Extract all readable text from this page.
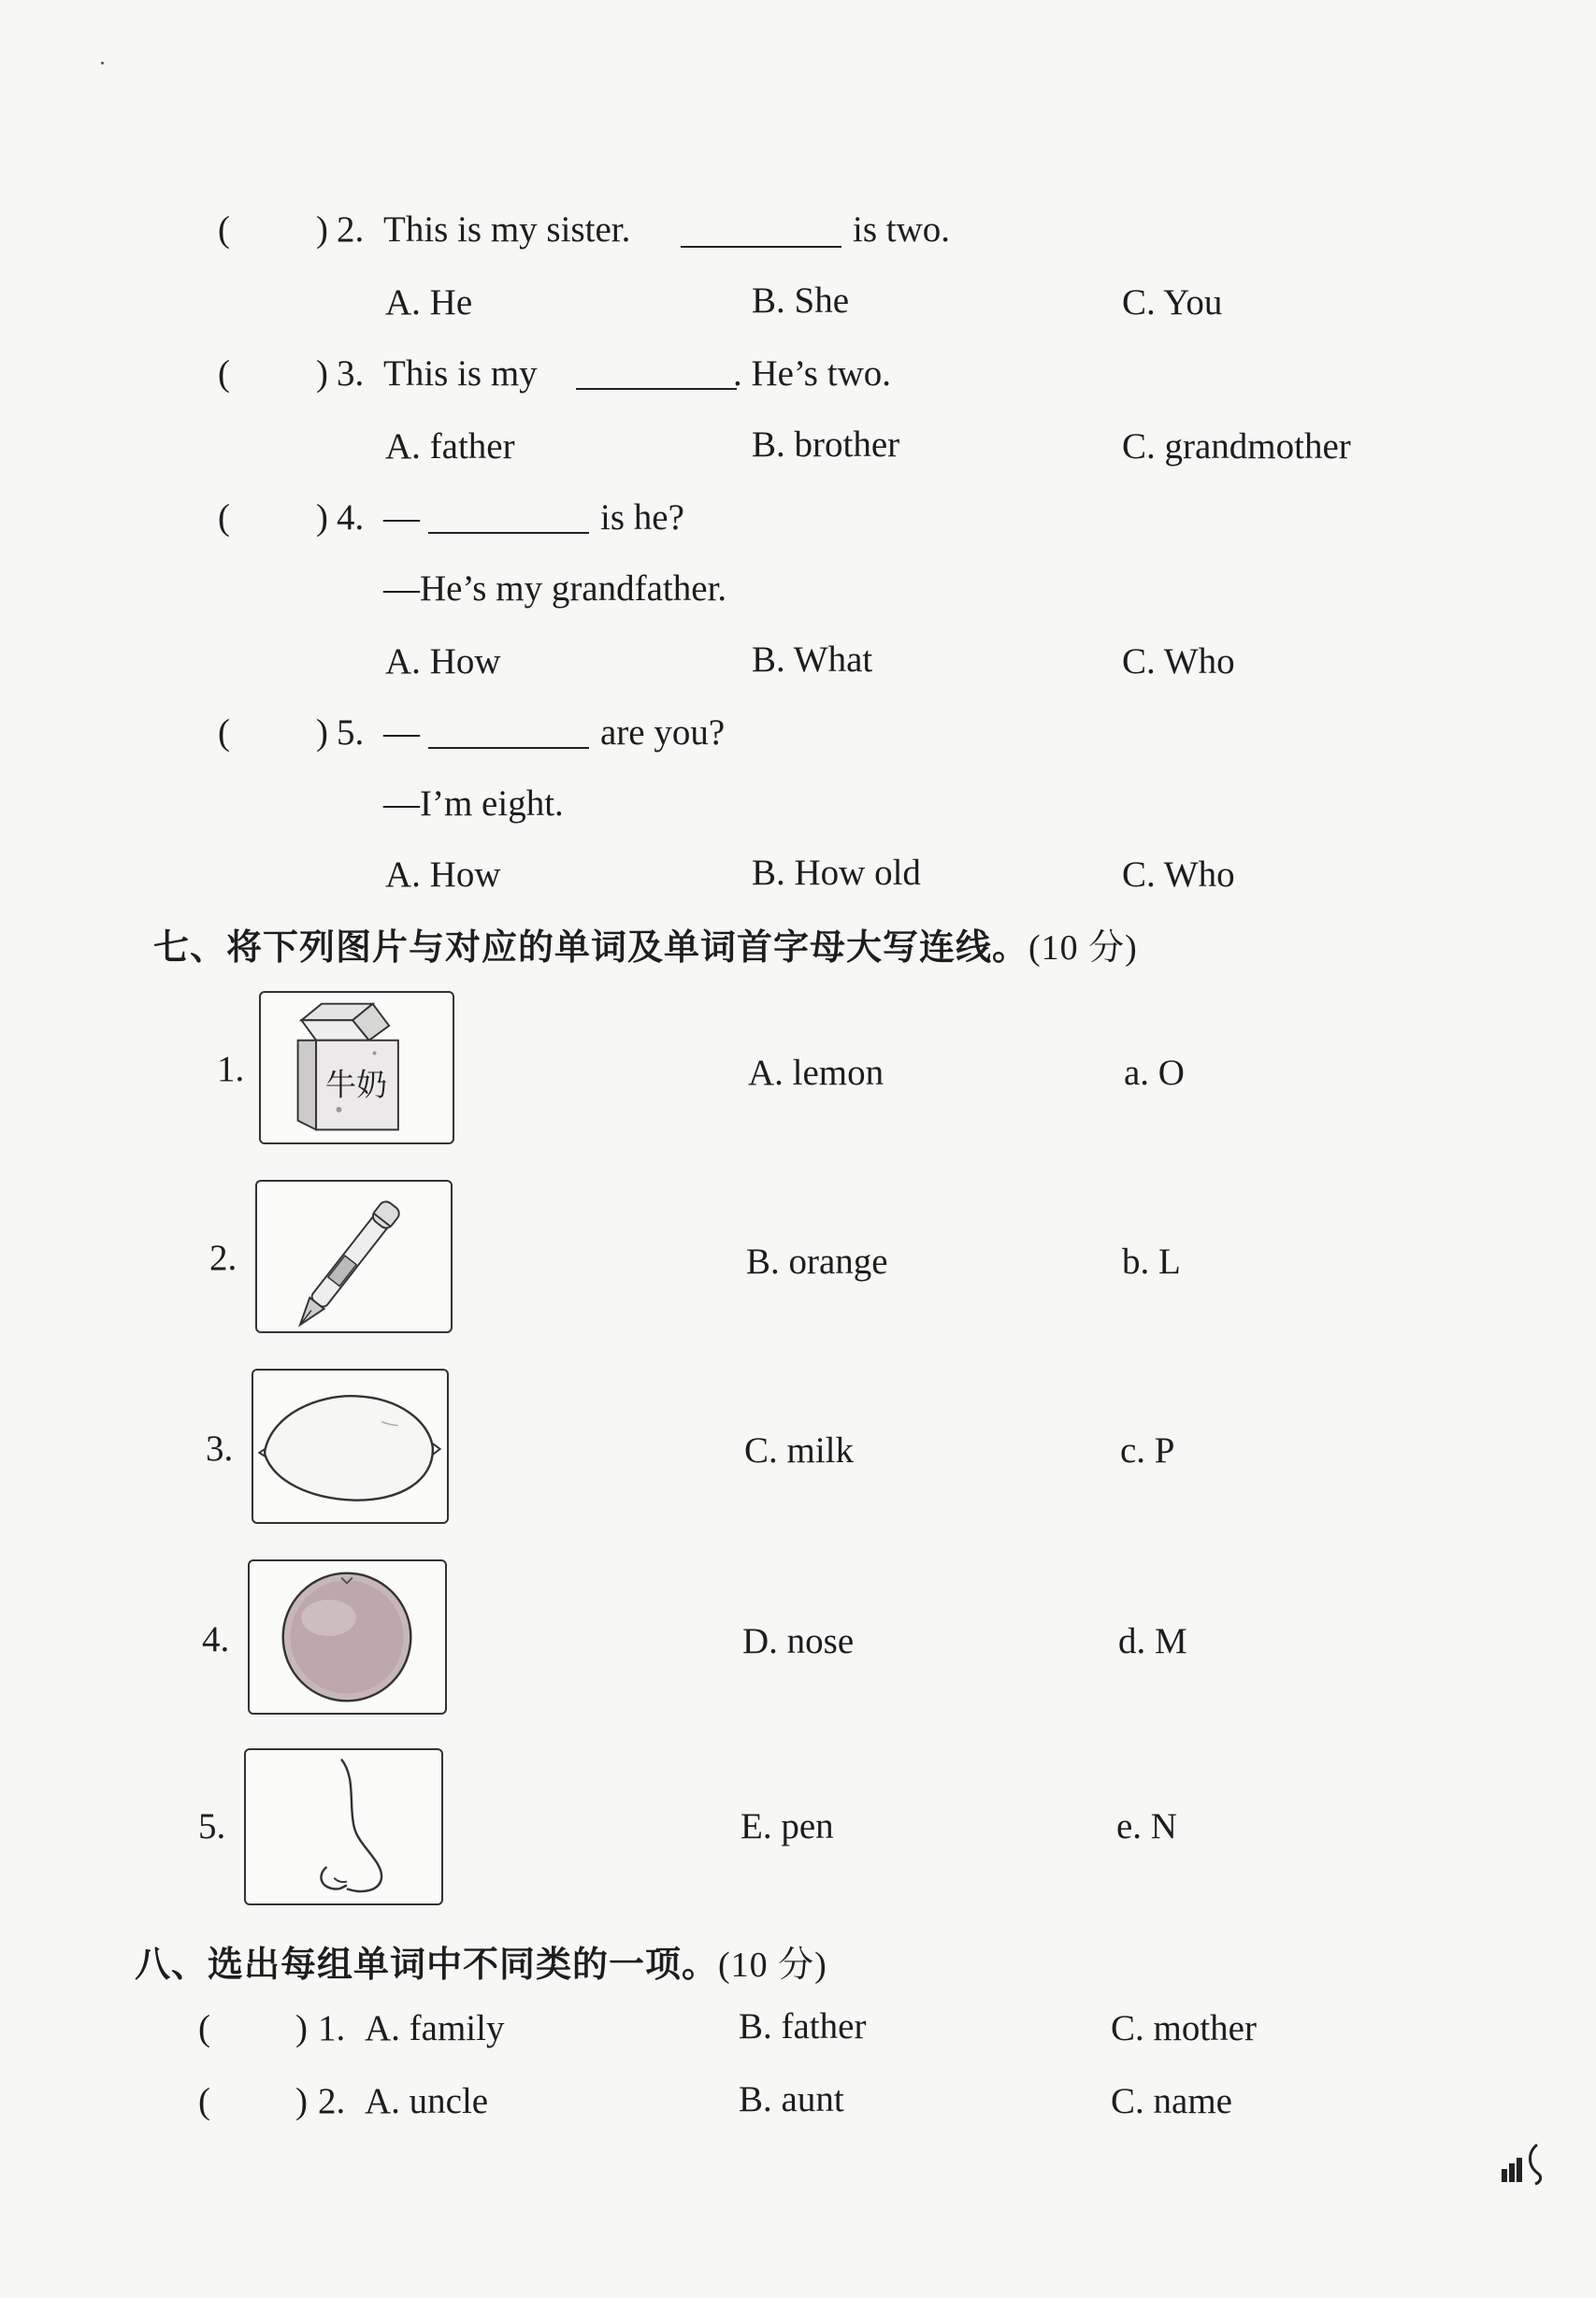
( ) 2. This is my sister.	is two.
A. He	B. She	C. You
( ) 3. This is my	. He’s two.
A. father	B. brother	C. grandmother
( ) 4. —	is he?
—He’s my grandfather.
A. How	B. What	C. Who
( ) 5. —	are you?
—I’m eight.
A. How	B. How old	C. Who
七、将下列图片与对应的单词及单词首字母大写连线。(10 分)
1.	牛奶	A. lemon	a. O
2.	B. orange	b. L
3.	C. milk	c. P
4.	D. nose	d. M
5.	E. pen	e. N
八、选出每组单词中不同类的一项。(10 分)
( ) 1. A. family	B. father	C. mother
( ) 2. A. uncle	B. aunt	C. name
